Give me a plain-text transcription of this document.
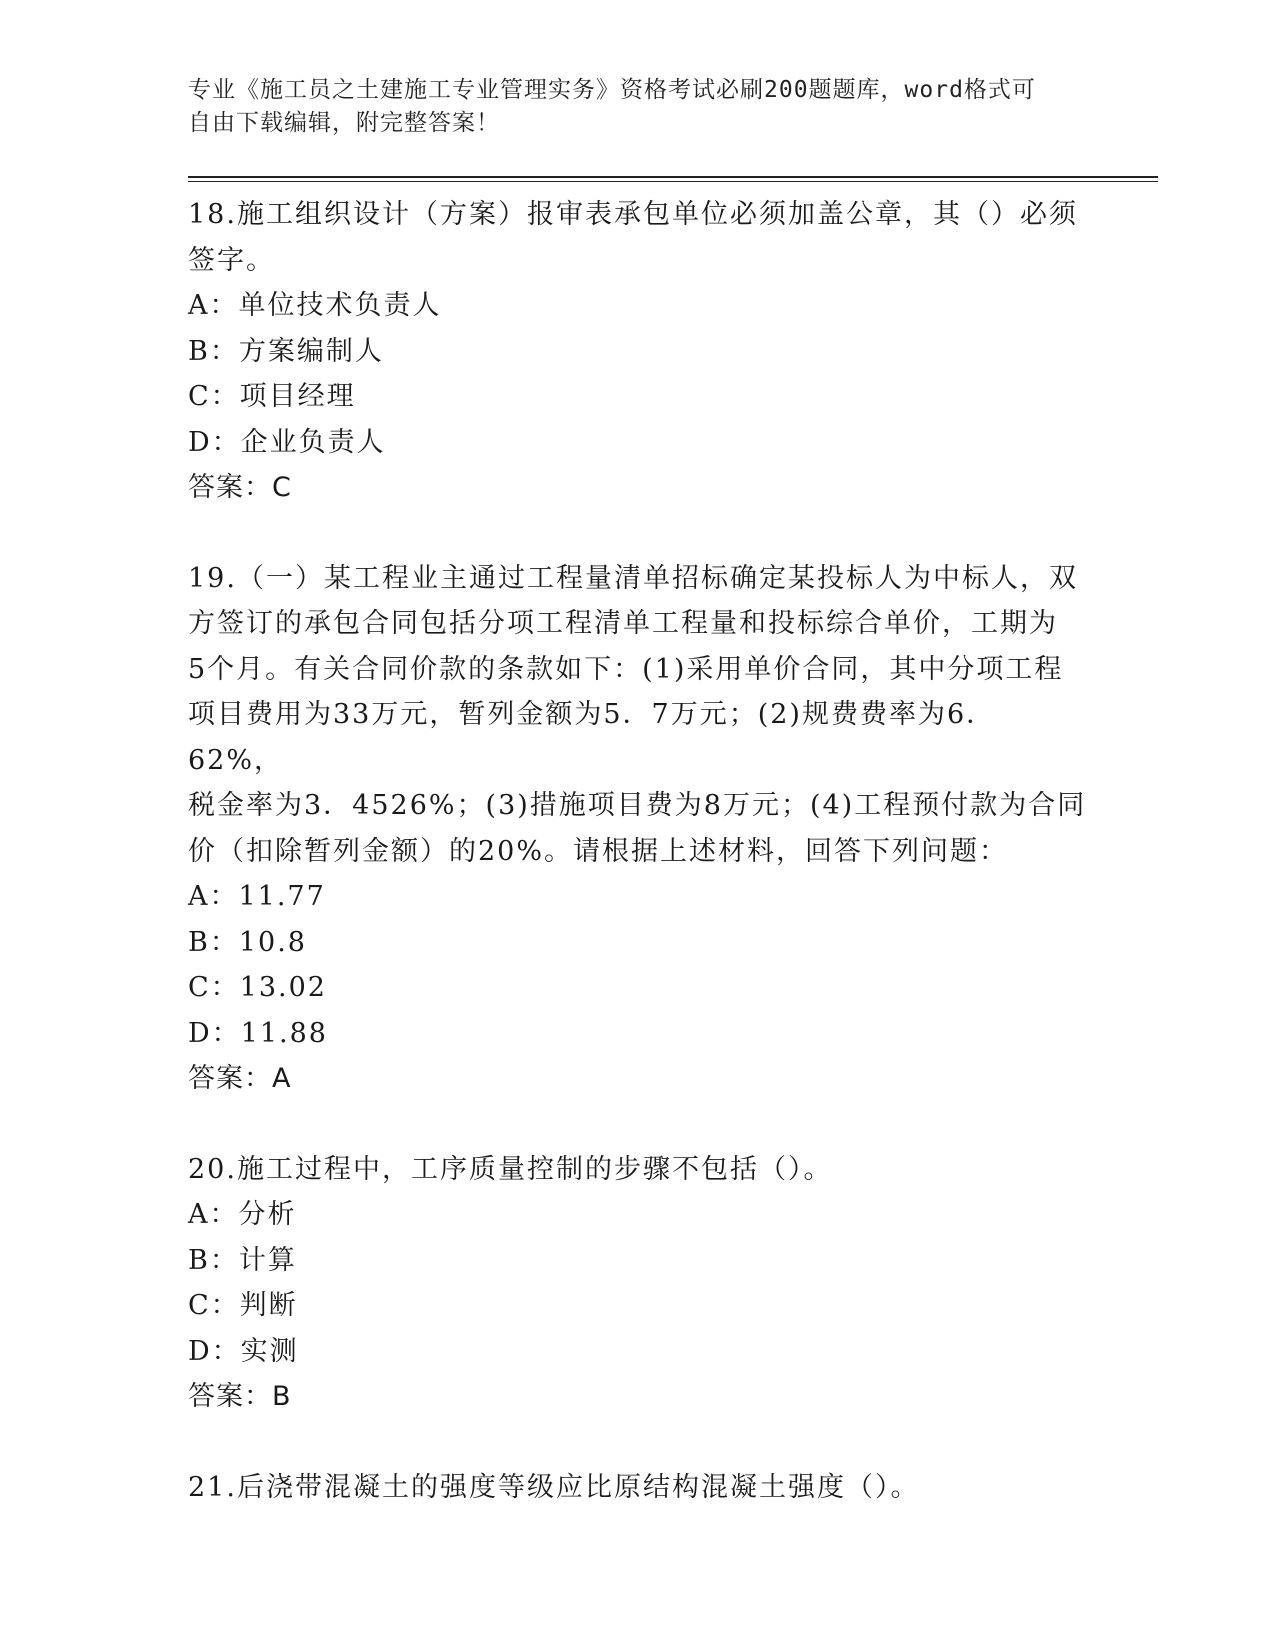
专业《施工员之土建施工专业管理实务》资格考试必刷200题题库，word格式可

自由下载编辑，附完整答案！

18.施工组织设计（方案）报审表承包单位必须加盖公章，其（）必须

签字。

A：单位技术负责人

B：方案编制人

C：项目经理

D：企业负责人

答案：C

19.（一）某工程业主通过工程量清单招标确定某投标人为中标人，双

方签订的承包合同包括分项工程清单工程量和投标综合单价，工期为

5个月。有关合同价款的条款如下：(1)采用单价合同，其中分项工程

项目费用为33万元，暂列金额为5．7万元；(2)规费费率为6．62%，

税金率为3．4526%；(3)措施项目费为8万元；(4)工程预付款为合同

价（扣除暂列金额）的20%。请根据上述材料，回答下列问题：

A：11.77

B：10.8

C：13.02

D：11.88

答案：A

20.施工过程中，工序质量控制的步骤不包括（）。

A：分析

B：计算

C：判断

D：实测

答案：B

21.后浇带混凝土的强度等级应比原结构混凝土强度（）。
